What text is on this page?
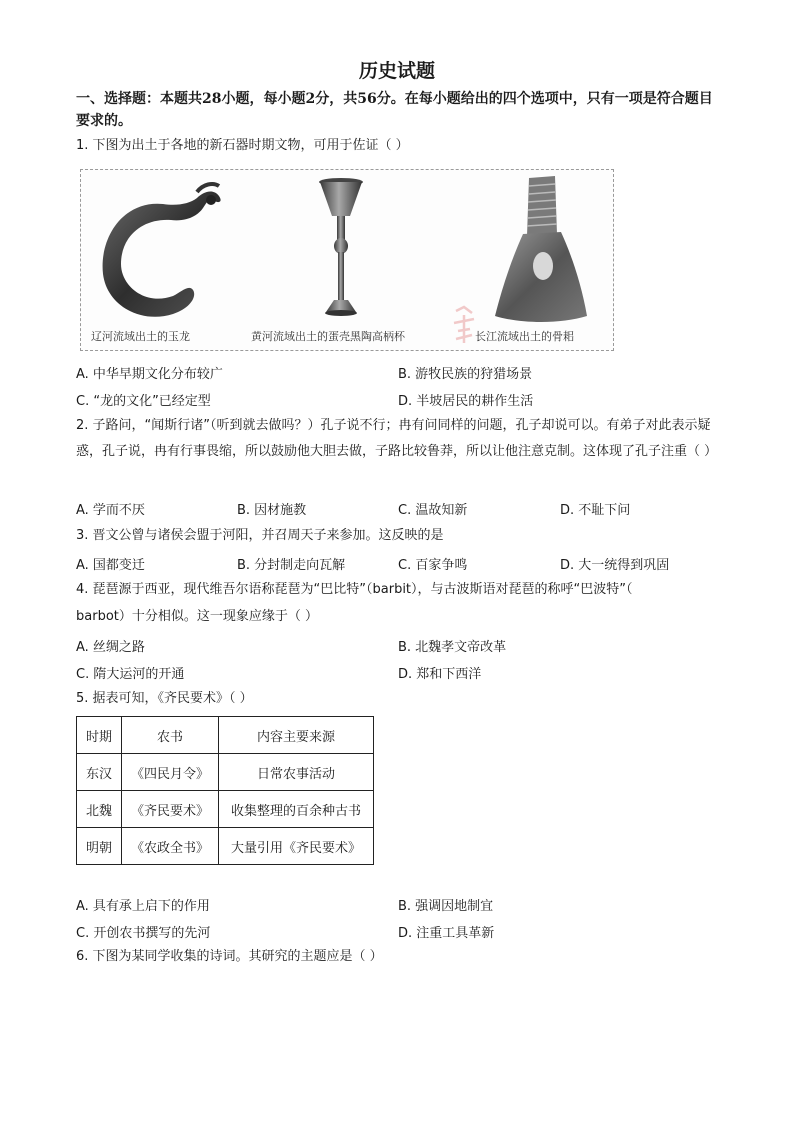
历史试题
一、选择题：本题共28小题，每小题2分，共56分。在每小题给出的四个选项中，只有一项是符合题目要求的。
1. 下图为出土于各地的新石器时期文物，可用于佐证（ ）
辽河流域出土的玉龙	黄河流域出土的蛋壳黑陶高柄杯	长江流域出土的骨耜
A. 中华早期文化分布较广	B. 游牧民族的狩猎场景
C. “龙的文化”已经定型	D. 半坡居民的耕作生活
2. 子路问，“闻斯行诸”（听到就去做吗？）孔子说不行；冉有问同样的问题，孔子却说可以。有弟子对此表示疑惑，孔子说，冉有行事畏缩，所以鼓励他大胆去做，子路比较鲁莽，所以让他注意克制。这体现了孔子注重（ ）
A. 学而不厌	B. 因材施教	C. 温故知新	D. 不耻下问
3. 晋文公曾与诸侯会盟于河阳，并召周天子来参加。这反映的是
A. 国都变迁	B. 分封制走向瓦解	C. 百家争鸣	D. 大一统得到巩固
4. 琵琶源于西亚，现代维吾尔语称琵琶为“巴比特”（barbit），与古波斯语对琵琶的称呼“巴波特”（
barbot）十分相似。这一现象应缘于（ ）
A. 丝绸之路	B. 北魏孝文帝改革
C. 隋大运河的开通	D. 郑和下西洋
5. 据表可知，《齐民要术》（ ）
时期	农书	内容主要来源
东汉	《四民月令》	日常农事活动
北魏	《齐民要术》	收集整理的百余种古书
明朝	《农政全书》	大量引用《齐民要术》
A. 具有承上启下的作用	B. 强调因地制宜
C. 开创农书撰写的先河	D. 注重工具革新
6. 下图为某同学收集的诗词。其研究的主题应是（ ）
